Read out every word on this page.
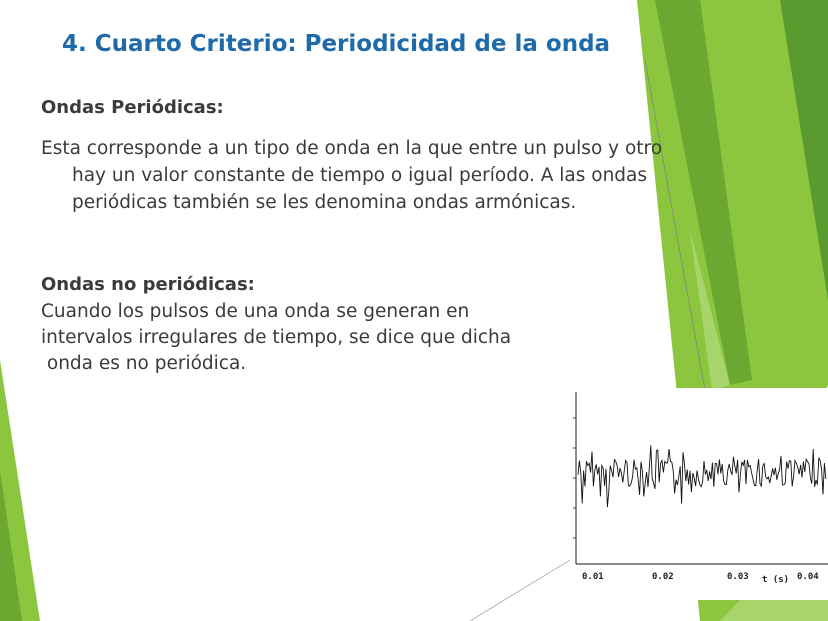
4. Cuarto Criterio: Periodicidad de la onda
Ondas Periódicas:

Esta corresponde a un tipo de onda en la que entre un pulso y otro
hay un valor constante de tiempo o igual período. A las ondas
periódicas también se les denomina ondas armónicas.

Ondas no periódicas:

Cuando los pulsos de una onda se generan en
intervalos irregulares de tiempo, se dice que dicha
onda es no periódica.

0.01	0.02	0.03 t (s) 0.04
